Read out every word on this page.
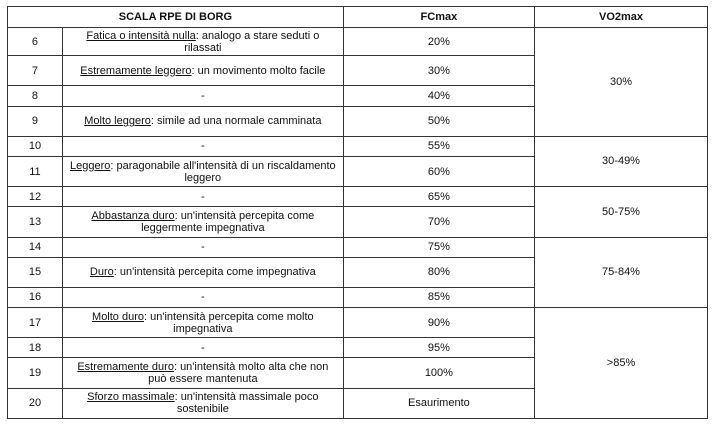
SCALA RPE DI BORG		FCmax	VO2max
6	Fatica o intensità nulla: analogo a stare seduti o rilassati	20%	30%
7	Estremamente leggero: un movimento molto facile	30%	
8	-	40%	
9	Molto leggero: simile ad una normale camminata	50%	
10	-	55%	30-49%
11	Leggero: paragonabile all'intensità di un riscaldamento leggero	60%	
12	-	65%	50-75%
13	Abbastanza duro: un'intensità percepita come leggermente impegnativa	70%	
14	-	75%	75-84%
15	Duro: un'intensità percepita come impegnativa	80%	
16	-	85%	
17	Molto duro: un'intensità percepita come molto impegnativa	90%	>85%
18	-	95%	
19	Estremamente duro: un'intensità molto alta che non può essere mantenuta	100%	
20	Sforzo massimale: un'intensità massimale poco sostenibile	Esaurimento	
